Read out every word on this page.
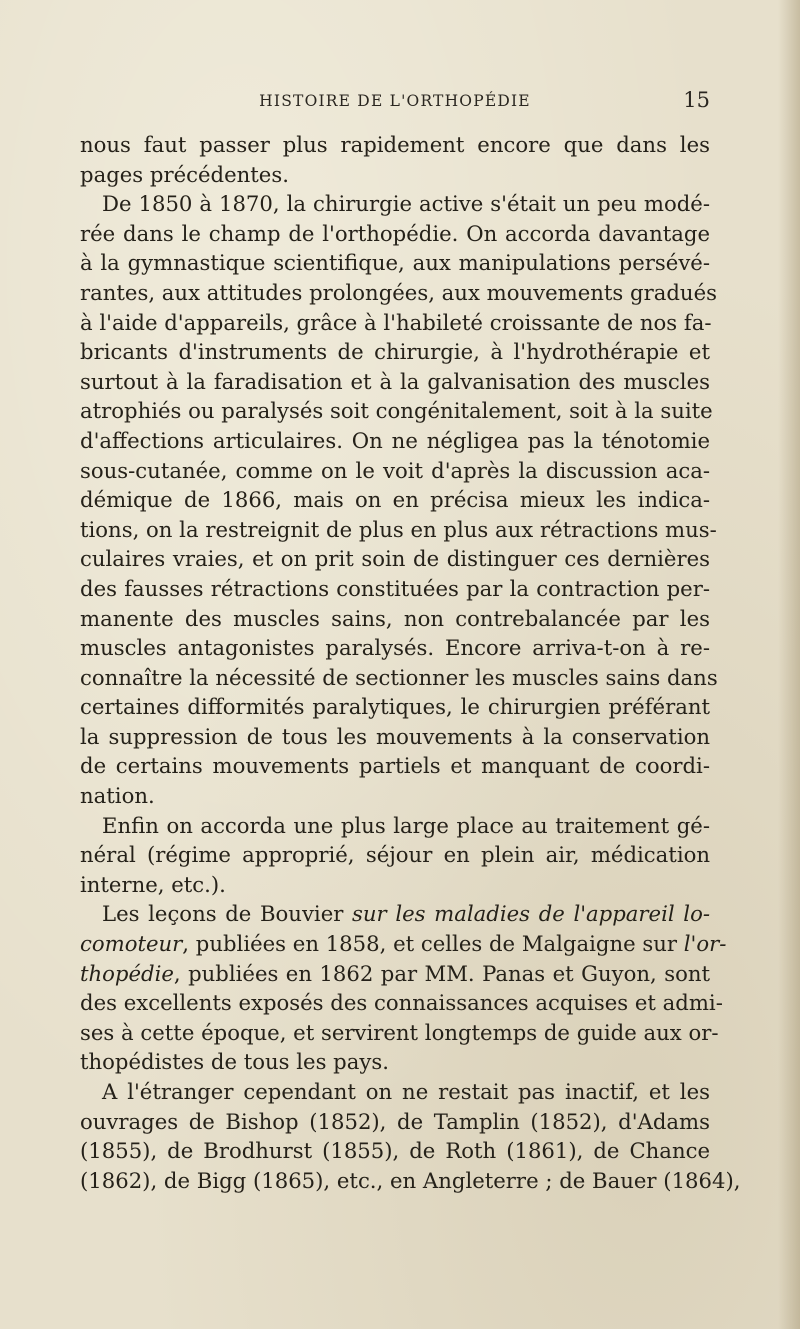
HISTOIRE DE L'ORTHOPÉDIE	15
nous faut passer plus rapidement encore que dans les
pages précédentes.
De 1850 à 1870, la chirurgie active s'était un peu modé-
rée dans le champ de l'orthopédie. On accorda davantage
à la gymnastique scientifique, aux manipulations persévé-
rantes, aux attitudes prolongées, aux mouvements gradués
à l'aide d'appareils, grâce à l'habileté croissante de nos fa-
bricants d'instruments de chirurgie, à l'hydrothérapie et
surtout à la faradisation et à la galvanisation des muscles
atrophiés ou paralysés soit congénitalement, soit à la suite
d'affections articulaires. On ne négligea pas la ténotomie
sous-cutanée, comme on le voit d'après la discussion aca-
démique de 1866, mais on en précisa mieux les indica-
tions, on la restreignit de plus en plus aux rétractions mus-
culaires vraies, et on prit soin de distinguer ces dernières
des fausses rétractions constituées par la contraction per-
manente des muscles sains, non contrebalancée par les
muscles antagonistes paralysés. Encore arriva-t-on à re-
connaître la nécessité de sectionner les muscles sains dans
certaines difformités paralytiques, le chirurgien préférant
la suppression de tous les mouvements à la conservation
de certains mouvements partiels et manquant de coordi-
nation.
Enfin on accorda une plus large place au traitement gé-
néral (régime approprié, séjour en plein air, médication
interne, etc.).
Les leçons de Bouvier sur les maladies de l'appareil lo-
comoteur, publiées en 1858, et celles de Malgaigne sur l'or-
thopédie, publiées en 1862 par MM. Panas et Guyon, sont
des excellents exposés des connaissances acquises et admi-
ses à cette époque, et servirent longtemps de guide aux or-
thopédistes de tous les pays.
A l'étranger cependant on ne restait pas inactif, et les
ouvrages de Bishop (1852), de Tamplin (1852), d'Adams
(1855), de Brodhurst (1855), de Roth (1861), de Chance
(1862), de Bigg (1865), etc., en Angleterre ; de Bauer (1864),
